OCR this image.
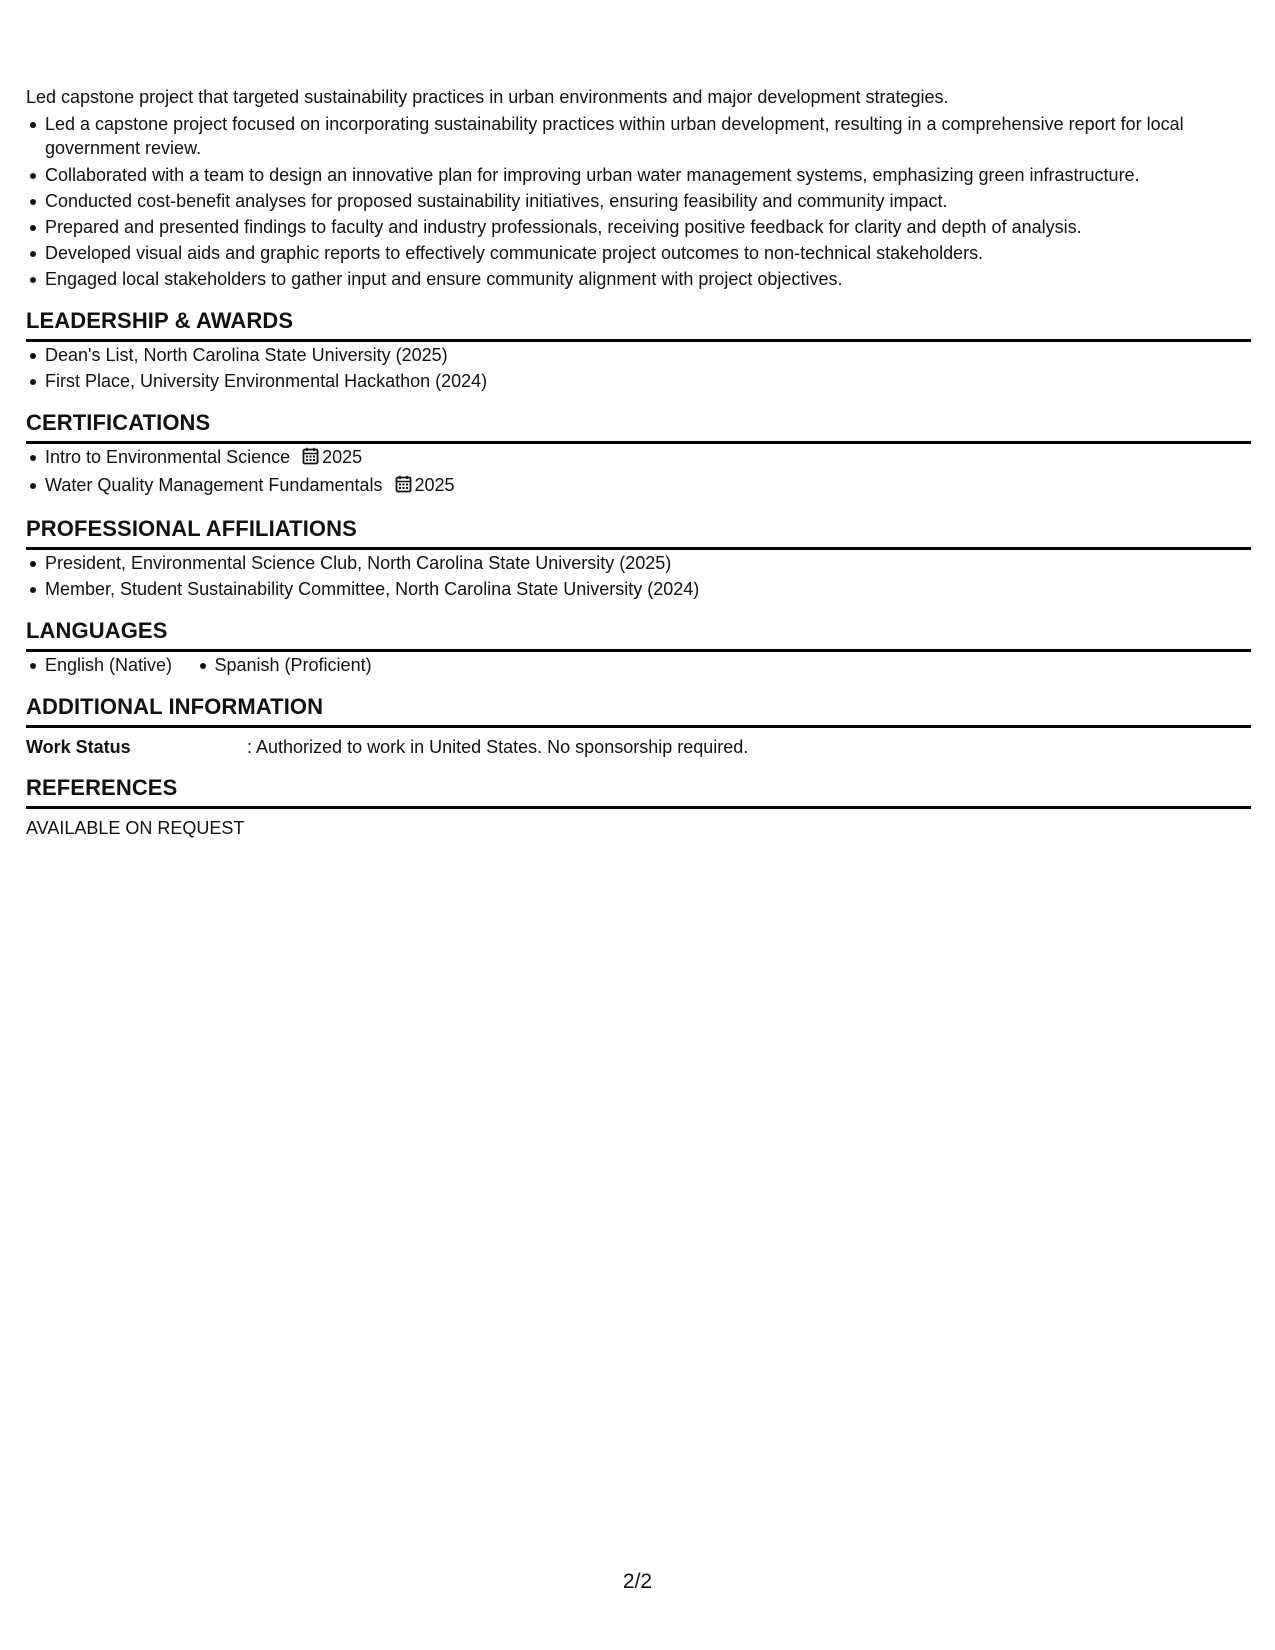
Led capstone project that targeted sustainability practices in urban environments and major development strategies.
Led a capstone project focused on incorporating sustainability practices within urban development, resulting in a comprehensive report for local government review.
Collaborated with a team to design an innovative plan for improving urban water management systems, emphasizing green infrastructure.
Conducted cost-benefit analyses for proposed sustainability initiatives, ensuring feasibility and community impact.
Prepared and presented findings to faculty and industry professionals, receiving positive feedback for clarity and depth of analysis.
Developed visual aids and graphic reports to effectively communicate project outcomes to non-technical stakeholders.
Engaged local stakeholders to gather input and ensure community alignment with project objectives.
LEADERSHIP & AWARDS
Dean's List, North Carolina State University (2025)
First Place, University Environmental Hackathon (2024)
CERTIFICATIONS
Intro to Environmental Science 2025
Water Quality Management Fundamentals 2025
PROFESSIONAL AFFILIATIONS
President, Environmental Science Club, North Carolina State University (2025)
Member, Student Sustainability Committee, North Carolina State University (2024)
LANGUAGES
English (Native) Spanish (Proficient)
ADDITIONAL INFORMATION
Work Status	: Authorized to work in United States. No sponsorship required.
REFERENCES
AVAILABLE ON REQUEST
2/2
